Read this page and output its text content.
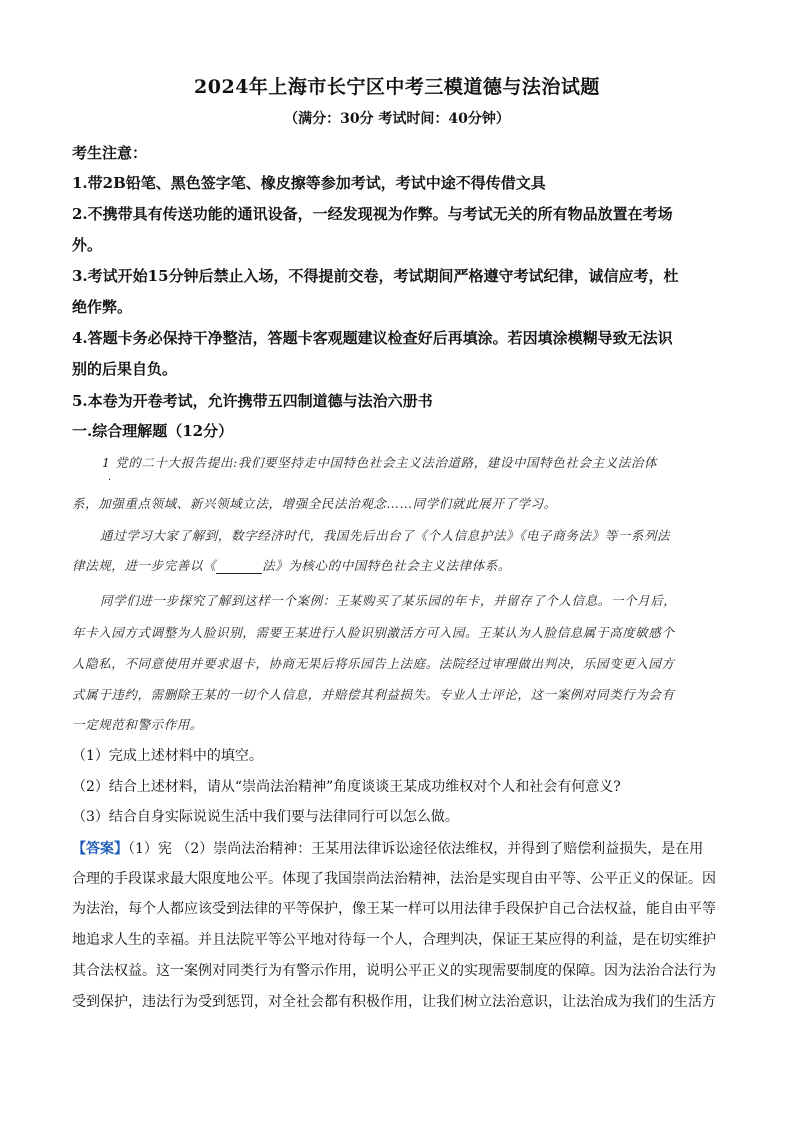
2024年上海市长宁区中考三模道德与法治试题
（满分：30分 考试时间：40分钟）
考生注意：
1.带2B铅笔、黑色签字笔、橡皮擦等参加考试，考试中途不得传借文具
2.不携带具有传送功能的通讯设备，一经发现视为作弊。与考试无关的所有物品放置在考场
外。
3.考试开始15分钟后禁止入场，不得提前交卷，考试期间严格遵守考试纪律，诚信应考，杜
绝作弊。
4.答题卡务必保持干净整洁，答题卡客观题建议检查好后再填涂。若因填涂模糊导致无法识
别的后果自负。
5.本卷为开卷考试，允许携带五四制道德与法治六册书
一.综合理解题（12分）
1 党的二十大报告提出:我们要坚持走中国特色社会主义法治道路，建设中国特色社会主义法治体
·
系，加强重点领域、新兴领域立法，增强全民法治观念……同学们就此展开了学习。
通过学习大家了解到，数字经济时代，我国先后出台了《个人信息护法》《电子商务法》等一系列法
律法规，进一步完善以《	法》为核心的中国特色社会主义法律体系。
同学们进一步探究了解到这样一个案例：王某购买了某乐园的年卡，并留存了个人信息。一个月后，
年卡入园方式调整为人脸识别，需要王某进行人脸识别激活方可入园。王某认为人脸信息属于高度敏感个
人隐私，不同意使用并要求退卡，协商无果后将乐园告上法庭。法院经过审理做出判决，乐园变更入园方
式属于违约，需删除王某的一切个人信息，并赔偿其利益损失。专业人士评论，这一案例对同类行为会有
一定规范和警示作用。
（1）完成上述材料中的填空。
（2）结合上述材料，请从“崇尚法治精神”角度谈谈王某成功维权对个人和社会有何意义?
（3）结合自身实际说说生活中我们要与法律同行可以怎么做。
【答案】（1）宪 （2）崇尚法治精神：王某用法律诉讼途径依法维权，并得到了赔偿利益损失，是在用
合理的手段谋求最大限度地公平。体现了我国崇尚法治精神，法治是实现自由平等、公平正义的保证。因
为法治，每个人都应该受到法律的平等保护，像王某一样可以用法律手段保护自己合法权益，能自由平等
地追求人生的幸福。并且法院平等公平地对待每一个人，合理判决，保证王某应得的利益，是在切实维护
其合法权益。这一案例对同类行为有警示作用，说明公平正义的实现需要制度的保障。因为法治合法行为
受到保护，违法行为受到惩罚，对全社会都有积极作用，让我们树立法治意识，让法治成为我们的生活方
